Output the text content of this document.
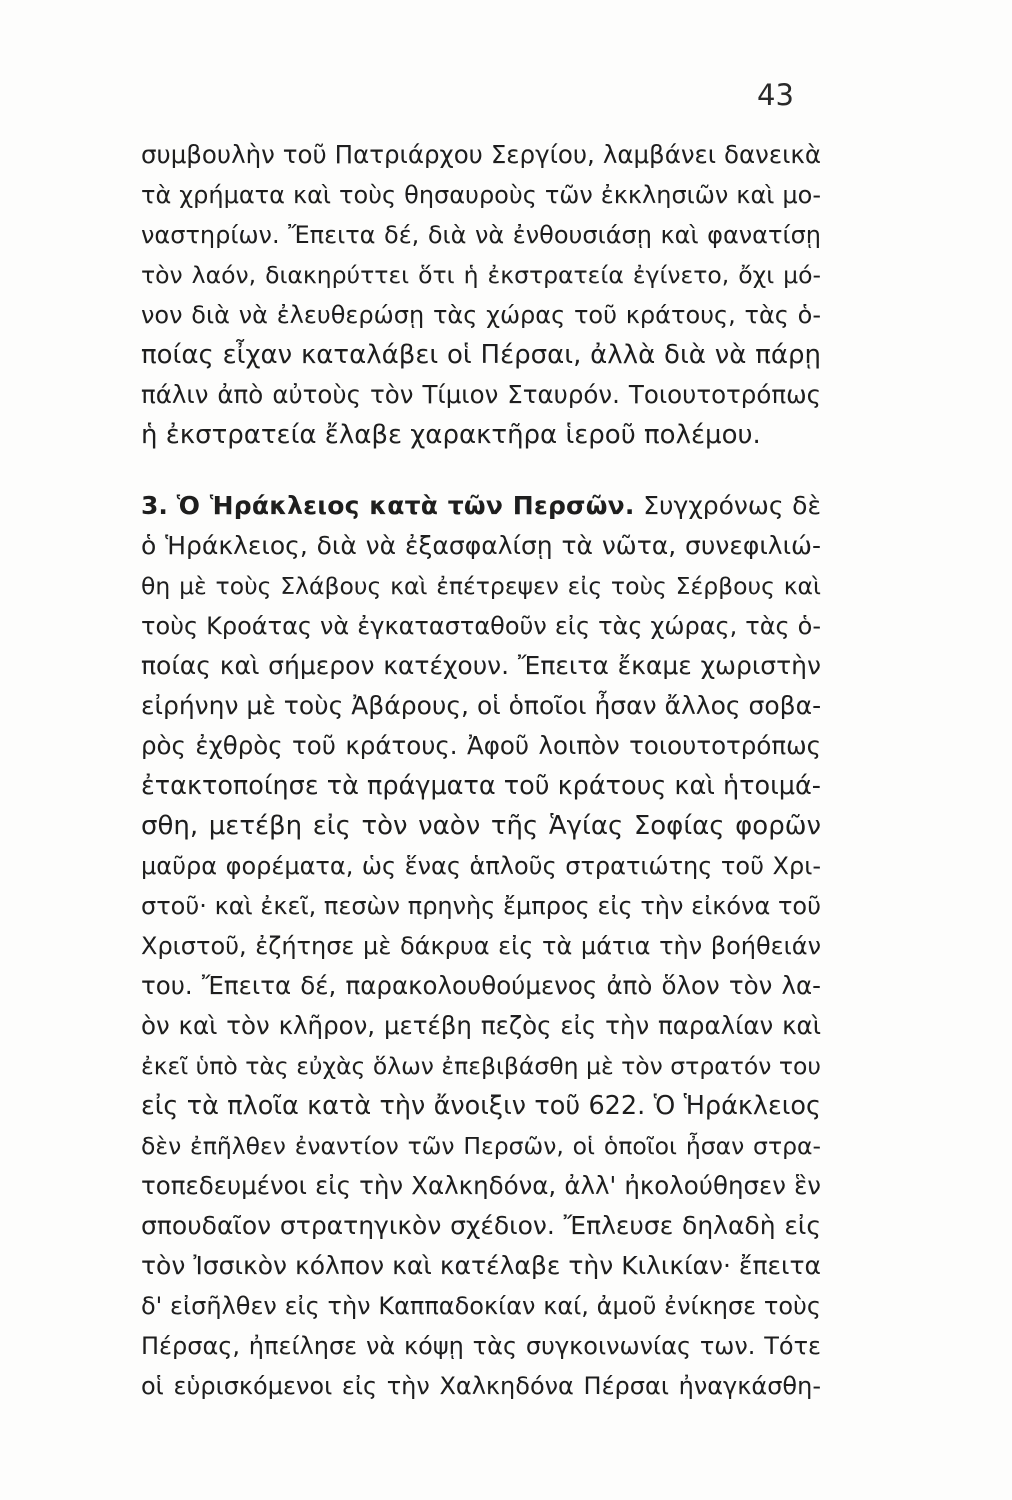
43
συμβουλὴν τοῦ Πατριάρχου Σεργίου, λαμβάνει δανεικὰ
τὰ χρήματα καὶ τοὺς θησαυροὺς τῶν ἐκκλησιῶν καὶ μο-
ναστηρίων. Ἔπειτα δέ, διὰ νὰ ἐνθουσιάσῃ καὶ φανατίσῃ
τὸν λαόν, διακηρύττει ὅτι ἡ ἐκστρατεία ἐγίνετο, ὄχι μό-
νον διὰ νὰ ἐλευθερώσῃ τὰς χώρας τοῦ κράτους, τὰς ὁ-
ποίας εἶχαν καταλάβει οἱ Πέρσαι, ἀλλὰ διὰ νὰ πάρῃ
πάλιν ἀπὸ αὐτοὺς τὸν Τίμιον Σταυρόν. Τοιουτοτρόπως
ἡ ἐκστρατεία ἔλαβε χαρακτῆρα ἱεροῦ πολέμου.
3. Ὁ Ἡράκλειος κατὰ τῶν Περσῶν. Συγχρόνως δὲ
ὁ Ἡράκλειος, διὰ νὰ ἐξασφαλίσῃ τὰ νῶτα, συνεφιλιώ-
θη μὲ τοὺς Σλάβους καὶ ἐπέτρεψεν εἰς τοὺς Σέρβους καὶ
τοὺς Κροάτας νὰ ἐγκατασταθοῦν εἰς τὰς χώρας, τὰς ὁ-
ποίας καὶ σήμερον κατέχουν. Ἔπειτα ἔκαμε χωριστὴν
εἰρήνην μὲ τοὺς Ἀβάρους, οἱ ὁποῖοι ἦσαν ἄλλος σοβα-
ρὸς ἐχθρὸς τοῦ κράτους. Ἀφοῦ λοιπὸν τοιουτοτρόπως
ἐτακτοποίησε τὰ πράγματα τοῦ κράτους καὶ ἡτοιμά-
σθη, μετέβη εἰς τὸν ναὸν τῆς Ἁγίας Σοφίας φορῶν
μαῦρα φορέματα, ὡς ἕνας ἁπλοῦς στρατιώτης τοῦ Χρι-
στοῦ· καὶ ἐκεῖ, πεσὼν πρηνὴς ἔμπρος εἰς τὴν εἰκόνα τοῦ
Χριστοῦ, ἐζήτησε μὲ δάκρυα εἰς τὰ μάτια τὴν βοήθειάν
του. Ἔπειτα δέ, παρακολουθούμενος ἀπὸ ὅλον τὸν λα-
ὸν καὶ τὸν κλῆρον, μετέβη πεζὸς εἰς τὴν παραλίαν καὶ
ἐκεῖ ὑπὸ τὰς εὐχὰς ὅλων ἐπεβιβάσθη μὲ τὸν στρατόν του
εἰς τὰ πλοῖα κατὰ τὴν ἄνοιξιν τοῦ 622. Ὁ Ἡράκλειος
δὲν ἐπῆλθεν ἐναντίον τῶν Περσῶν, οἱ ὁποῖοι ἦσαν στρα-
τοπεδευμένοι εἰς τὴν Χαλκηδόνα, ἀλλ' ἠκολούθησεν ἓν
σπουδαῖον στρατηγικὸν σχέδιον. Ἔπλευσε δηλαδὴ εἰς
τὸν Ἰσσικὸν κόλπον καὶ κατέλαβε τὴν Κιλικίαν· ἔπειτα
δ' εἰσῆλθεν εἰς τὴν Καππαδοκίαν καί, ἀμοῦ ἐνίκησε τοὺς
Πέρσας, ἠπείλησε νὰ κόψῃ τὰς συγκοινωνίας των. Τότε
οἱ εὑρισκόμενοι εἰς τὴν Χαλκηδόνα Πέρσαι ἠναγκάσθη-
